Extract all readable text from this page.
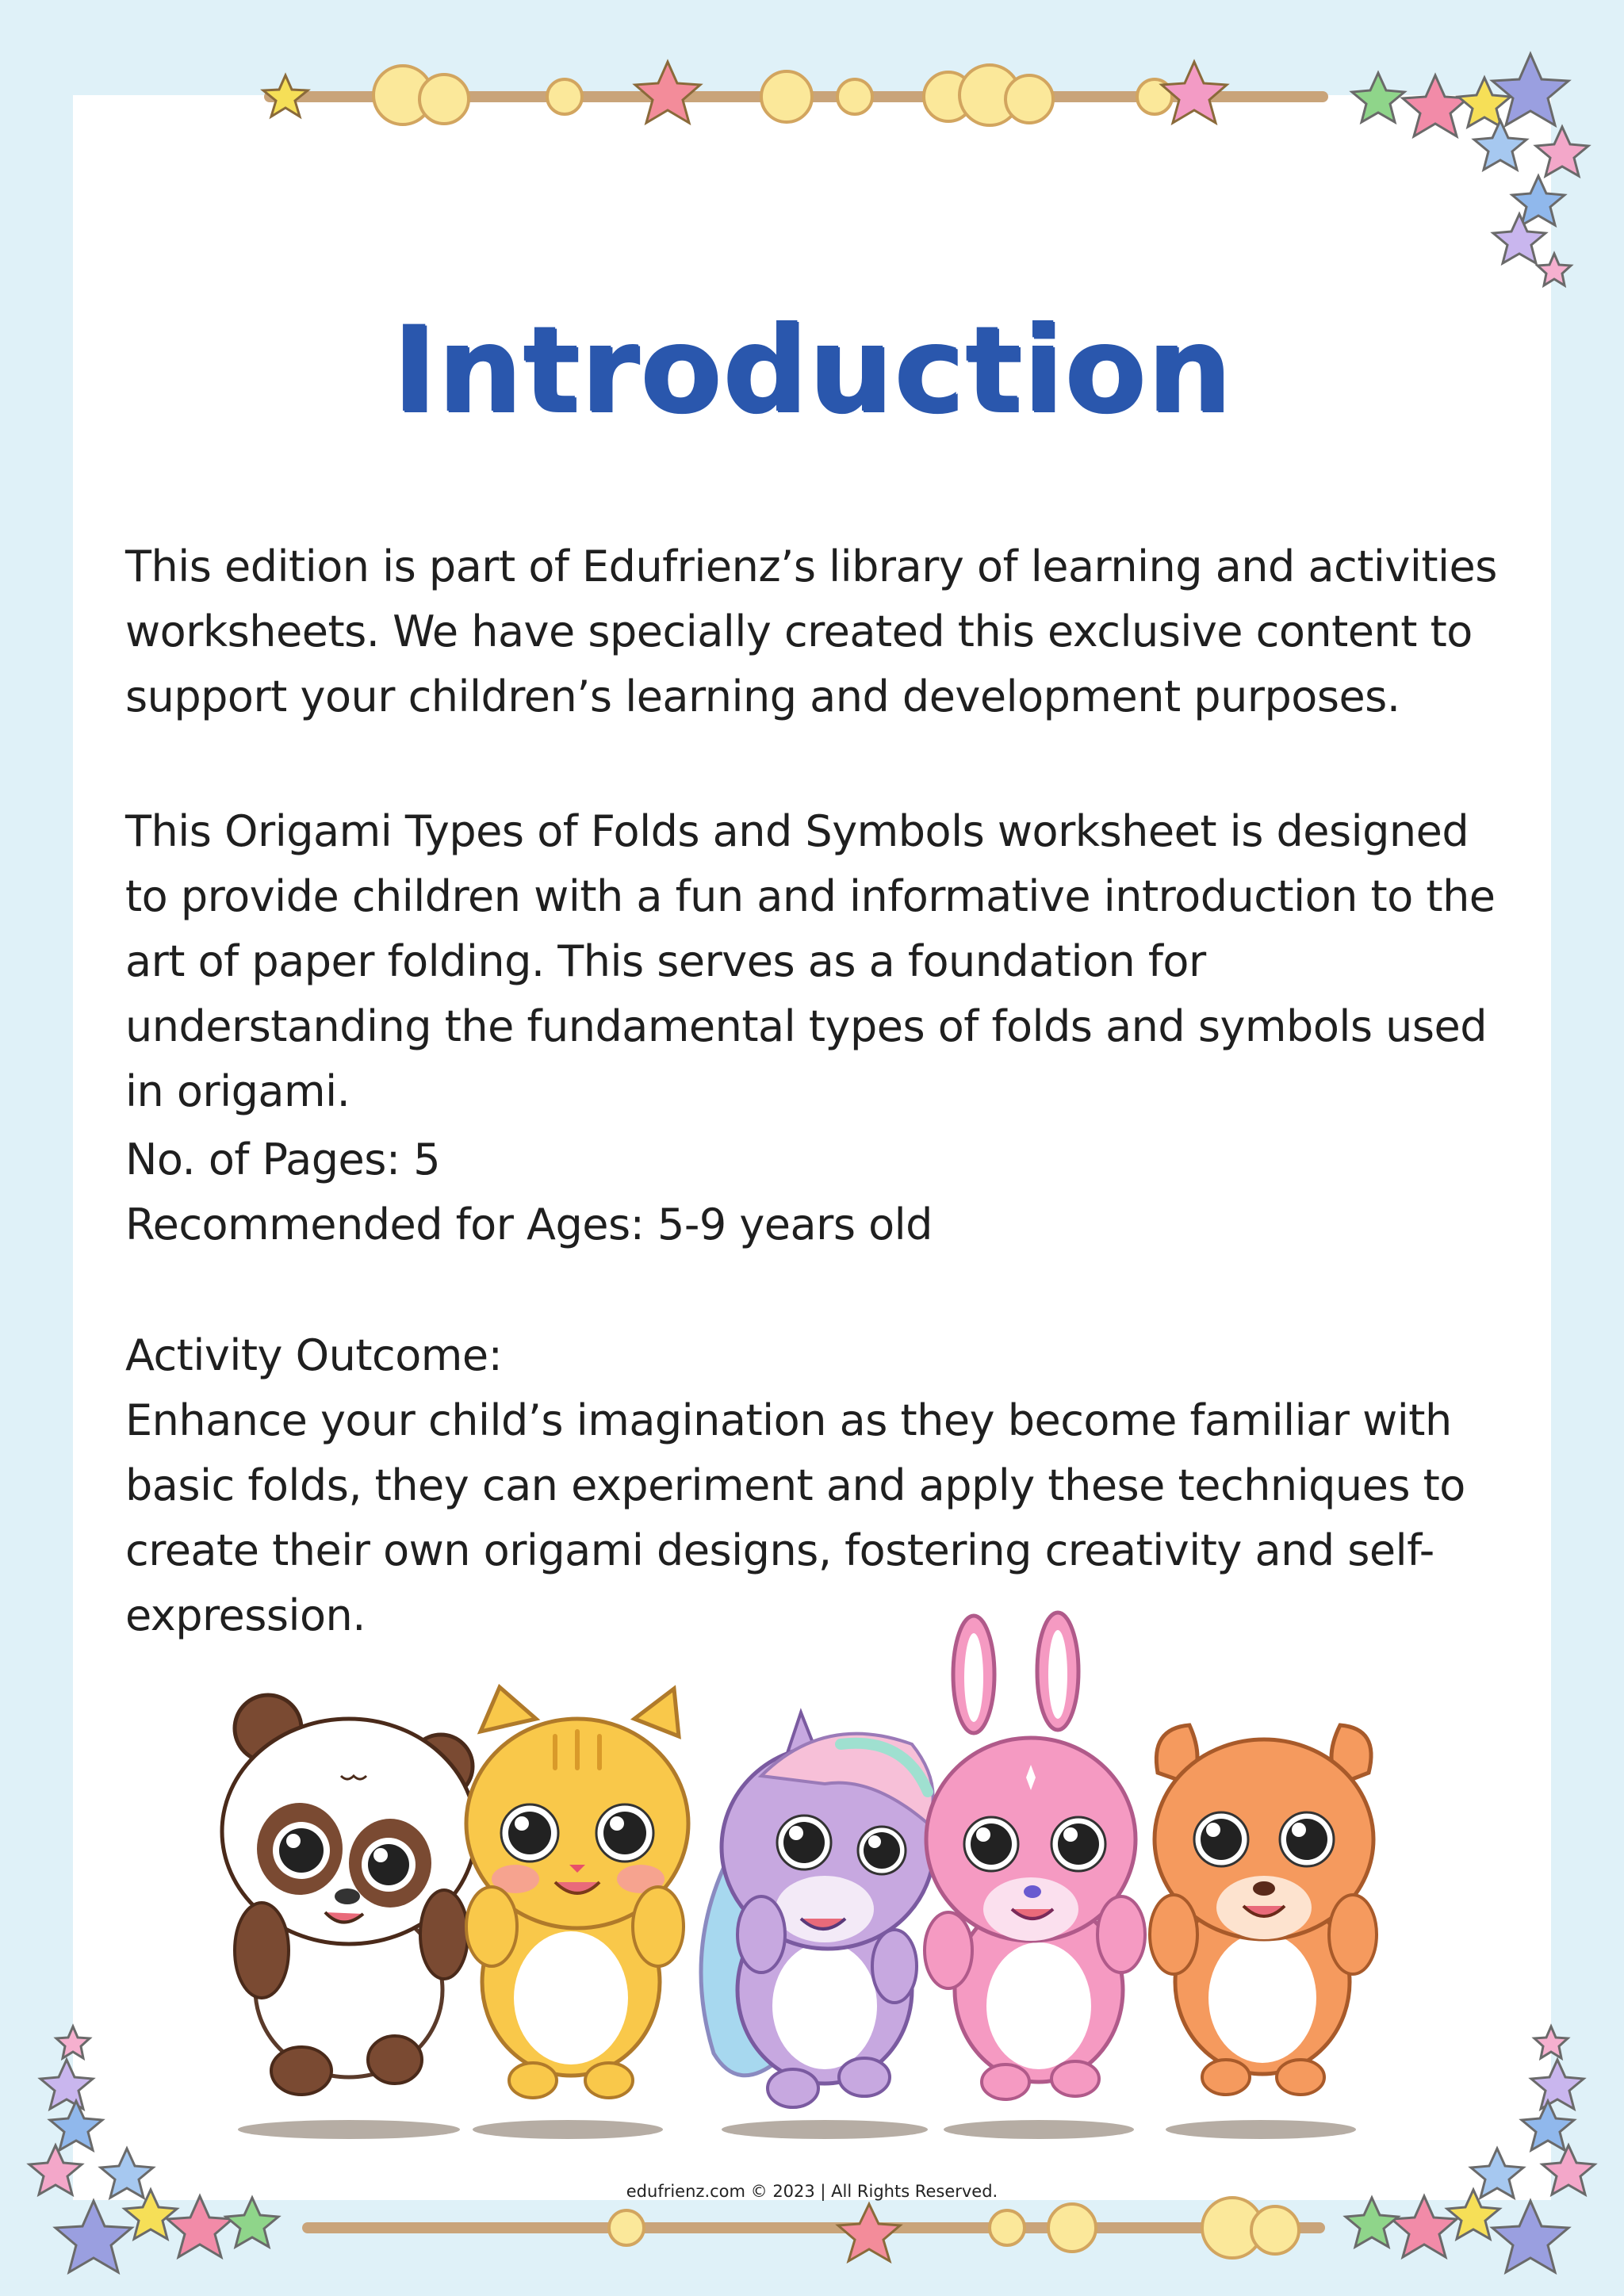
Introduction

This edition is part of Edufrienz’s library of learning and activities worksheets. We have specially created this exclusive content to support your children’s learning and development purposes.

This Origami Types of Folds and Symbols worksheet is designed to provide children with a fun and informative introduction to the art of paper folding. This serves as a foundation for understanding the fundamental types of folds and symbols used in origami.

No. of Pages: 5

Recommended for Ages: 5-9 years old

Activity Outcome:

Enhance your child’s imagination as they become familiar with basic folds, they can experiment and apply these techniques to create their own origami designs, fostering creativity and self-expression.

edufrienz.com © 2023 | All Rights Reserved.
